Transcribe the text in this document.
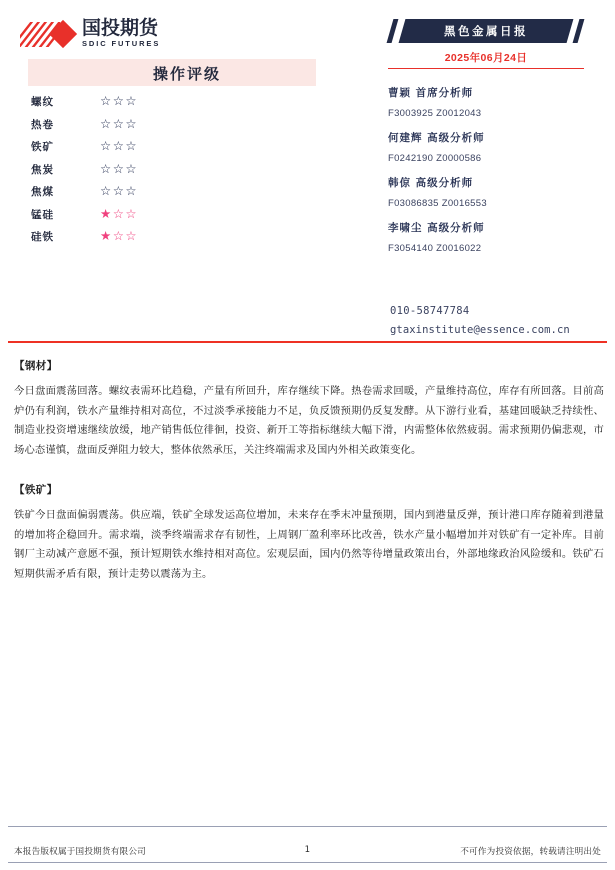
国投期货
SDIC FUTURES
操作评级
螺纹	☆☆☆
热卷	☆☆☆
铁矿	☆☆☆
焦炭	☆☆☆
焦煤	☆☆☆
锰硅	★☆☆
硅铁	★☆☆
黑色金属日报
2025年06月24日
曹颖 首席分析师
F3003925 Z0012043
何建辉 高级分析师
F0242190 Z0000586
韩倞 高级分析师
F03086835 Z0016553
李啸尘 高级分析师
F3054140 Z0016022
010-58747784
gtaxinstitute@essence.com.cn
【钢材】
今日盘面震荡回落。螺纹表需环比趋稳，产量有所回升，库存继续下降。热卷需求回暖，产量维持高位，库存有所回落。目前高炉仍有利润，铁水产量维持相对高位，不过淡季承接能力不足，负反馈预期仍反复发酵。从下游行业看，基建回暖缺乏持续性、制造业投资增速继续放缓，地产销售低位徘徊，投资、新开工等指标继续大幅下滑，内需整体依然疲弱。需求预期仍偏悲观，市场心态谨慎，盘面反弹阻力较大，整体依然承压，关注终端需求及国内外相关政策变化。
【铁矿】
铁矿今日盘面偏弱震荡。供应端，铁矿全球发运高位增加，未来存在季末冲量预期，国内到港量反弹，预计港口库存随着到港量的增加将企稳回升。需求端，淡季终端需求存有韧性，上周钢厂盈利率环比改善，铁水产量小幅增加并对铁矿有一定补库。目前钢厂主动减产意愿不强，预计短期铁水维持相对高位。宏观层面，国内仍然等待增量政策出台，外部地缘政治风险缓和。铁矿石短期供需矛盾有限，预计走势以震荡为主。
本报告版权属于国投期货有限公司	1	不可作为投资依据，转载请注明出处
